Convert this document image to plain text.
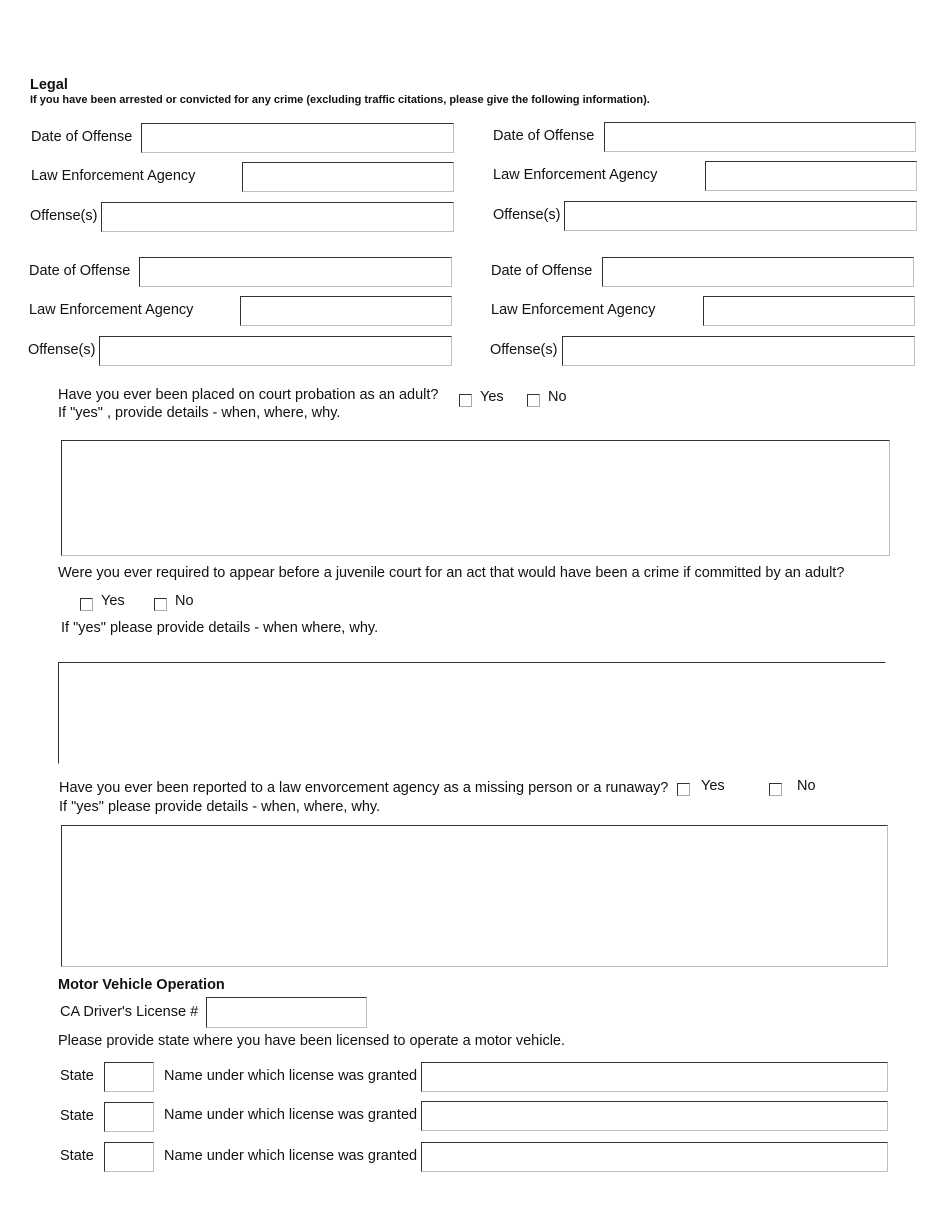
Legal
If you have been arrested or convicted for any crime (excluding traffic citations, please give the following information).
Date of Offense
Law Enforcement Agency
Offense(s)
Date of Offense
Law Enforcement Agency
Offense(s)
Date of Offense
Law Enforcement Agency
Offense(s)
Date of Offense
Law Enforcement Agency
Offense(s)
Have you ever been placed on court probation as an adult?	Yes	No
If "yes" , provide details - when, where, why.
Were you ever required to appear before a juvenile court for an act that would have been a crime if committed by an adult?
Yes	No
If "yes" please provide details - when where, why.
Have you ever been reported to a law envorcement agency as a missing person or a runaway? Yes	No
If "yes" please provide details - when, where, why.
Motor Vehicle Operation
CA Driver's License #
Please provide state where you have been licensed to operate a motor vehicle.
State	Name under which license was granted
State	Name under which license was granted
State	Name under which license was granted
